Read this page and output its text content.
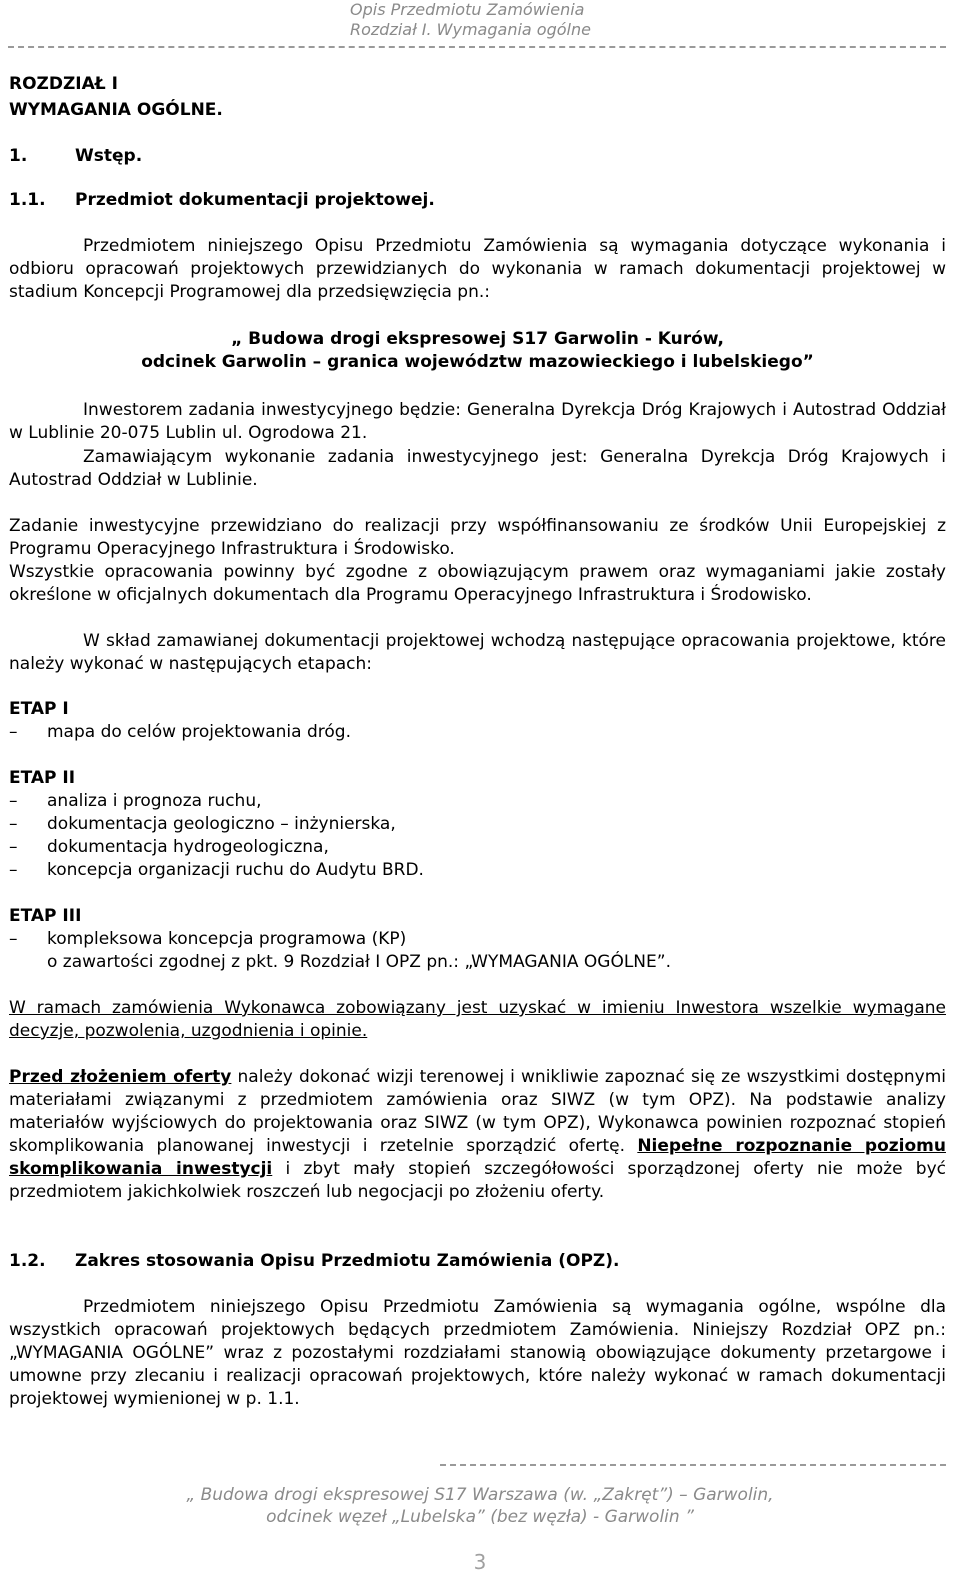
Opis Przedmiotu Zamówienia
Rozdział I. Wymagania ogólne
ROZDZIAŁ I
WYMAGANIA OGÓLNE.
1.	Wstęp.
1.1. Przedmiot dokumentacji projektowej.
Przedmiotem niniejszego Opisu Przedmiotu Zamówienia są wymagania dotyczące wykonania i odbioru opracowań projektowych przewidzianych do wykonania w ramach dokumentacji projektowej w stadium Koncepcji Programowej dla przedsięwzięcia pn.:
„ Budowa drogi ekspresowej S17 Garwolin - Kurów,
odcinek Garwolin – granica województw mazowieckiego i lubelskiego”
Inwestorem zadania inwestycyjnego będzie: Generalna Dyrekcja Dróg Krajowych i Autostrad Oddział w Lublinie 20-075 Lublin ul. Ogrodowa 21.
Zamawiającym wykonanie zadania inwestycyjnego jest: Generalna Dyrekcja Dróg Krajowych i Autostrad Oddział w Lublinie.
Zadanie inwestycyjne przewidziano do realizacji przy współfinansowaniu ze środków Unii Europejskiej z Programu Operacyjnego Infrastruktura i Środowisko.
Wszystkie opracowania powinny być zgodne z obowiązującym prawem oraz wymaganiami jakie zostały określone w oficjalnych dokumentach dla Programu Operacyjnego Infrastruktura i Środowisko.
W skład zamawianej dokumentacji projektowej wchodzą następujące opracowania projektowe, które należy wykonać w następujących etapach:
ETAP I
– mapa do celów projektowania dróg.
ETAP II
– analiza i prognoza ruchu,
– dokumentacja geologiczno – inżynierska,
– dokumentacja hydrogeologiczna,
– koncepcja organizacji ruchu do Audytu BRD.
ETAP III
– kompleksowa koncepcja programowa (KP)
o zawartości zgodnej z pkt. 9 Rozdział I OPZ pn.: „WYMAGANIA OGÓLNE”.
W ramach zamówienia Wykonawca zobowiązany jest uzyskać w imieniu Inwestora wszelkie wymagane decyzje, pozwolenia, uzgodnienia i opinie.
Przed złożeniem oferty należy dokonać wizji terenowej i wnikliwie zapoznać się ze wszystkimi dostępnymi materiałami związanymi z przedmiotem zamówienia oraz SIWZ (w tym OPZ). Na podstawie analizy materiałów wyjściowych do projektowania oraz SIWZ (w tym OPZ), Wykonawca powinien rozpoznać stopień skomplikowania planowanej inwestycji i rzetelnie sporządzić ofertę. Niepełne rozpoznanie poziomu skomplikowania inwestycji i zbyt mały stopień szczegółowości sporządzonej oferty nie może być przedmiotem jakichkolwiek roszczeń lub negocjacji po złożeniu oferty.
1.2. Zakres stosowania Opisu Przedmiotu Zamówienia (OPZ).
Przedmiotem niniejszego Opisu Przedmiotu Zamówienia są wymagania ogólne, wspólne dla wszystkich opracowań projektowych będących przedmiotem Zamówienia. Niniejszy Rozdział OPZ pn.: „WYMAGANIA OGÓLNE” wraz z pozostałymi rozdziałami stanowią obowiązujące dokumenty przetargowe i umowne przy zlecaniu i realizacji opracowań projektowych, które należy wykonać w ramach dokumentacji projektowej wymienionej w p. 1.1.
„ Budowa drogi ekspresowej S17 Warszawa (w. „Zakręt”) – Garwolin,
odcinek węzeł „Lubelska” (bez węzła) - Garwolin ”
3
